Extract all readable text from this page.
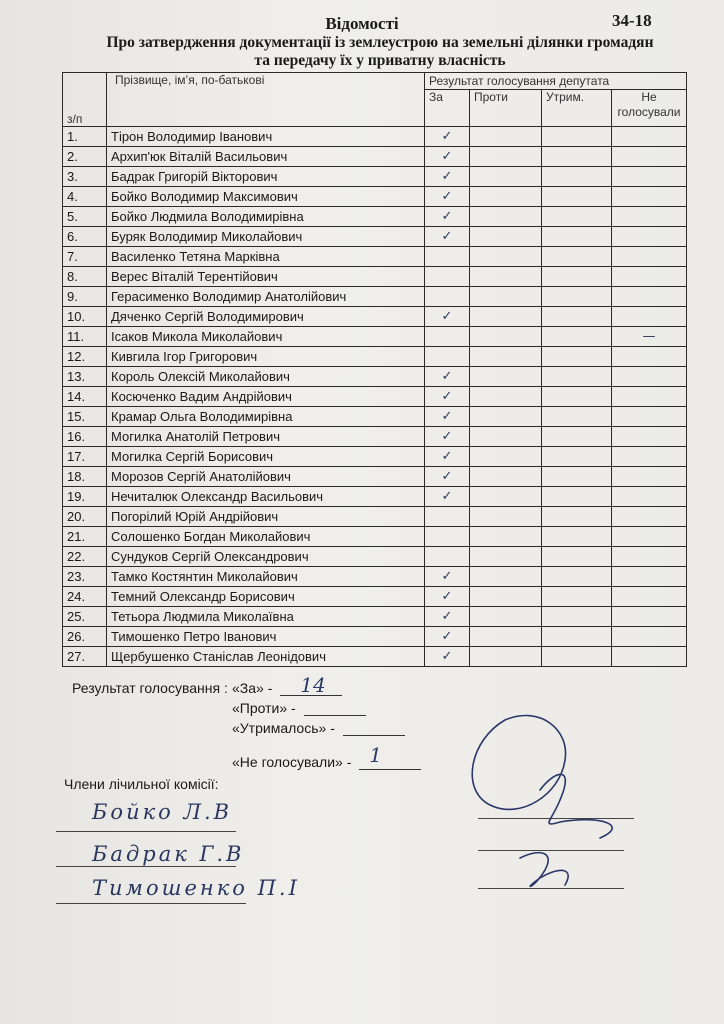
Відомості	34-18
Про затвердження документації із землеустрою на земельні ділянки громадян
та передачу їх у приватну власність
з/п	Прізвище, ім’я, по-батькові	Результат голосування депутата			
		За	Проти	Утрим.	Не голосували
1.	Тірон Володимир Іванович	✓			
2.	Архип'юк Віталій Васильович	✓			
3.	Бадрак Григорій Вікторович	✓			
4.	Бойко Володимир Максимович	✓			
5.	Бойко Людмила Володимирівна	✓			
6.	Буряк Володимир Миколайович	✓			
7.	Василенко Тетяна Марківна				
8.	Верес Віталій Терентійович				
9.	Герасименко Володимир Анатолійович				
10.	Дяченко Сергій Володимирович	✓			
11.	Ісаков Микола Миколайович				—
12.	Кивгила Ігор Григорович				
13.	Король Олексій Миколайович	✓			
14.	Косюченко Вадим Андрійович	✓			
15.	Крамар Ольга Володимирівна	✓			
16.	Могилка Анатолій Петрович	✓			
17.	Могилка Сергій Борисович	✓			
18.	Морозов Сергій Анатолійович	✓			
19.	Нечиталюк Олександр Васильович	✓			
20.	Погорілий Юрій Андрійович				
21.	Солошенко Богдан Миколайович				
22.	Сундуков Сергій Олександрович				
23.	Тамко Костянтин Миколайович	✓			
24.	Темний Олександр Борисович	✓			
25.	Тетьора Людмила Миколаївна	✓			
26.	Тимошенко Петро Іванович	✓			
27.	Щербушенко Станіслав Леонідович	✓			
Результат голосування : «За» - 14
«Проти» -
«Утрималось» -
«Не голосували» - 1
Члени лічильної комісії:
Бойко Л.В
Бадрак Г.В
Тимошенко П.І
